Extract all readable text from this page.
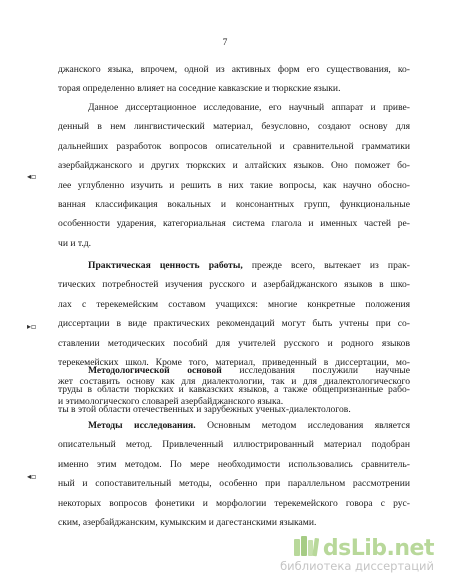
7
джанского языка, впрочем, одной из активных форм его существования, ко-
торая определенно влияет на соседние кавказские и тюркские языки.
Данное диссертационное исследование, его научный аппарат и приве-
денный в нем лингвистический материал, безусловно, создают основу для
дальнейших разработок вопросов описательной и сравнительной грамматики
азербайджанского и других тюркских и алтайских языков. Оно поможет бо-
лее углубленно изучить и решить в них такие вопросы, как научно обосно-
ванная классификация вокальных и консонантных групп, функциональные
особенности ударения, категориальная система глагола и именных частей ре-
чи и т.д.
Практическая ценность работы, прежде всего, вытекает из прак-
тических потребностей изучения русского и азербайджанского языков в шко-
лах с терекемейским составом учащихся: многие конкретные положения
диссертации в виде практических рекомендаций могут быть учтены при со-
ставлении методических пособий для учителей русского и родного языков
терекемейских школ. Кроме того, материал, приведенный в диссертации, мо-
жет составить основу как для диалектологии, так и для диалектологического
и этимологического словарей азербайджанского языка.
Методологической основой исследования послужили научные
труды в области тюркских и кавказских языков, а также общепризнанные рабо-
ты в этой области отечественных и зарубежных ученых-диалектологов.
Методы исследования. Основным методом исследования является
описательный метод. Привлеченный иллюстрированный материал подобран
именно этим методом. По мере необходимости использовались сравнитель-
ный и сопоставительный методы, особенно при параллельном рассмотрении
некоторых вопросов фонетики и морфологии терекемейского говора с рус-
ским, азербайджанским, кумыкским и дагестанскими языками.
◂▫
▸▫
◂▫
dsLib.net
библиотека диссертаций
